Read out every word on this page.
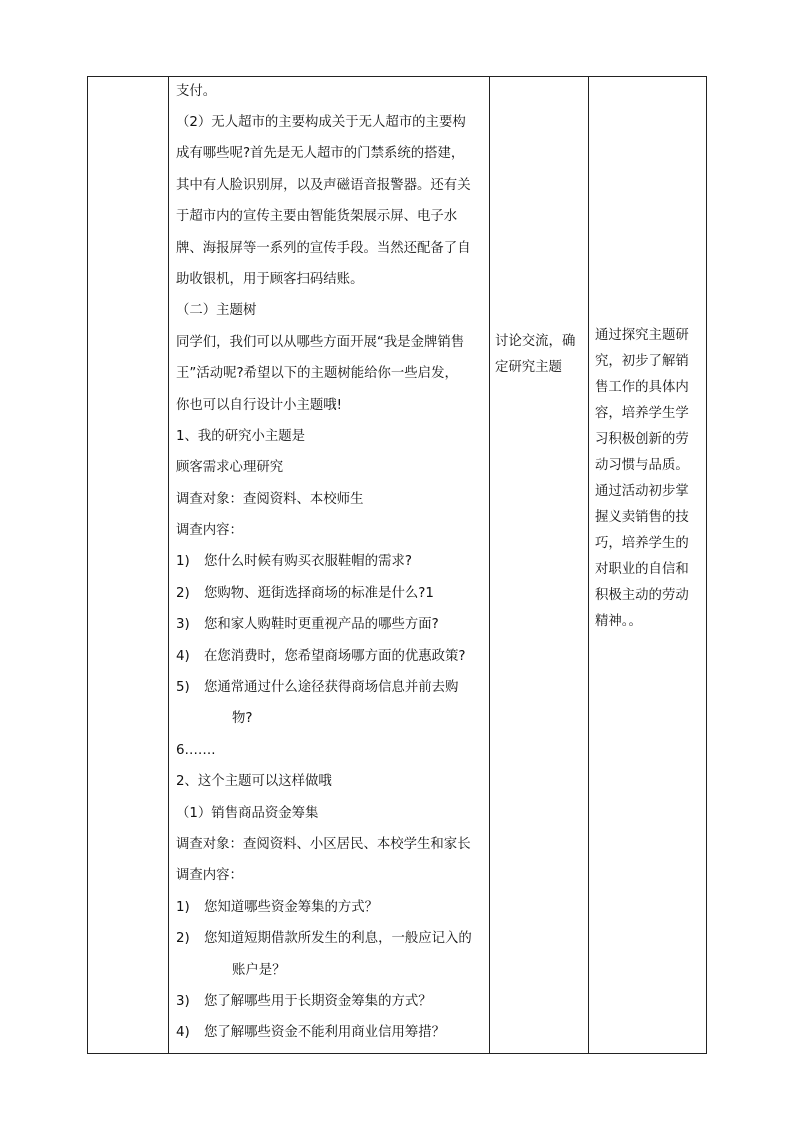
支付。
（2）无人超市的主要构成关于无人超市的主要构
成有哪些呢?首先是无人超市的门禁系统的搭建，
其中有人脸识别屏，以及声磁语音报警器。还有关
于超市内的宣传主要由智能货架展示屏、电子水
牌、海报屏等一系列的宣传手段。当然还配备了自
助收银机，用于顾客扫码结账。
（二）主题树
同学们，我们可以从哪些方面开展“我是金牌销售
王”活动呢?希望以下的主题树能给你一些启发，
你也可以自行设计小主题哦!
1、我的研究小主题是
顾客需求心理研究
调查对象：查阅资料、本校师生
调查内容：
1) 您什么时候有购买衣服鞋帽的需求?
2) 您购物、逛街选择商场的标准是什么?1
3) 您和家人购鞋时更重视产品的哪些方面?
4) 在您消费时，您希望商场哪方面的优惠政策?
5) 您通常通过什么途径获得商场信息并前去购
物?
6…….
2、这个主题可以这样做哦
（1）销售商品资金筹集
调查对象：查阅资料、小区居民、本校学生和家长
调查内容：
1) 您知道哪些资金筹集的方式？
2) 您知道短期借款所发生的利息，一般应记入的
账户是？
3) 您了解哪些用于长期资金筹集的方式？
4) 您了解哪些资金不能利用商业信用筹措？
讨论交流，确
定研究主题
通过探究主题研
究，初步了解销
售工作的具体内
容，培养学生学
习积极创新的劳
动习惯与品质。
通过活动初步掌
握义卖销售的技
巧，培养学生的
对职业的自信和
积极主动的劳动
精神。。
